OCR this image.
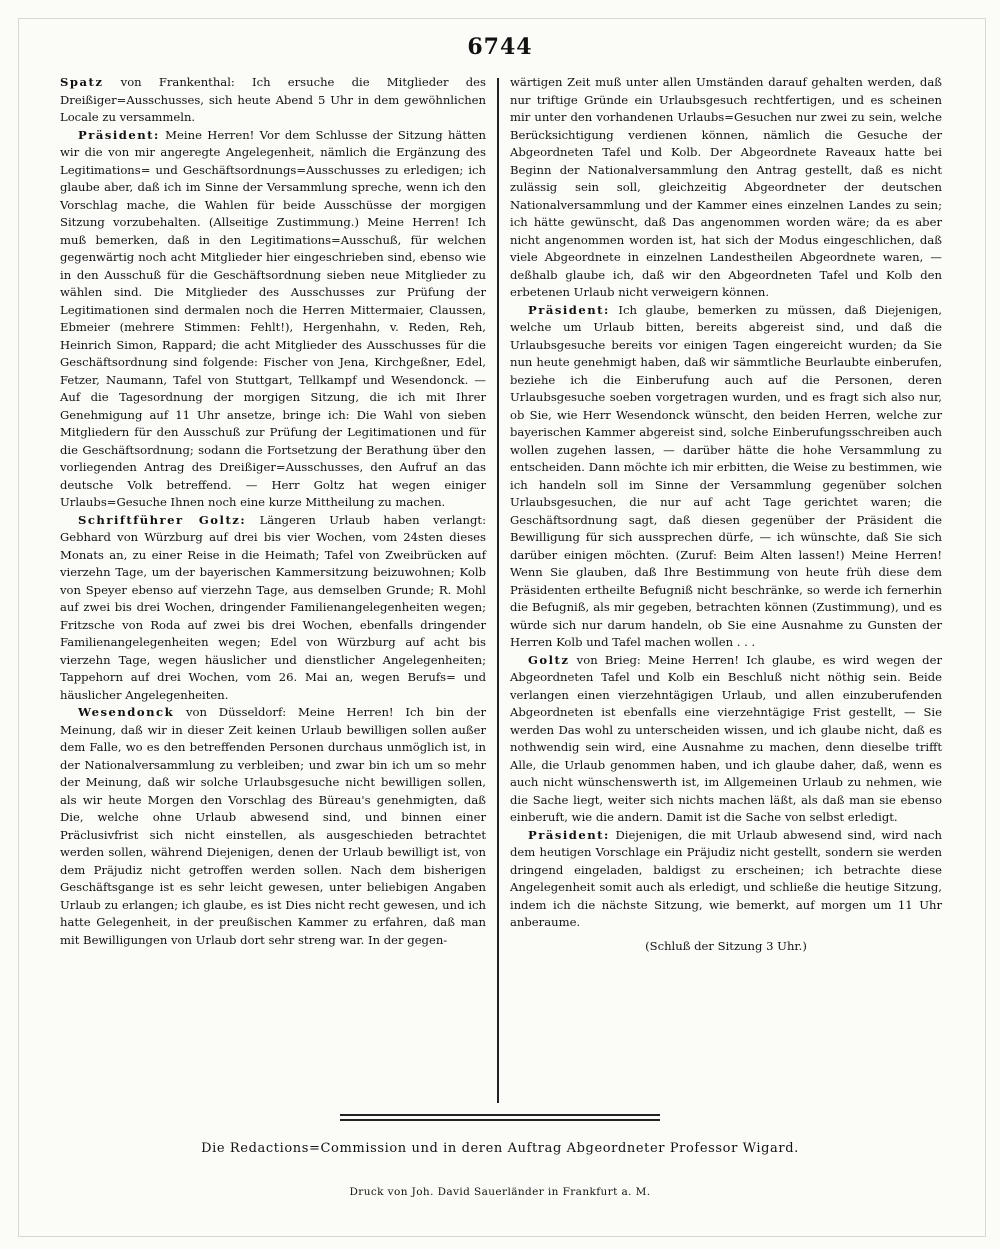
6744

Spatz von Frankenthal: Ich ersuche die Mitglieder des Dreißiger=Ausschusses, sich heute Abend 5 Uhr in dem gewöhnlichen Locale zu versammeln.

Präsident: Meine Herren! Vor dem Schlusse der Sitzung hätten wir die von mir angeregte Angelegenheit, nämlich die Ergänzung des Legitimations= und Geschäftsordnungs=Ausschusses zu erledigen; ich glaube aber, daß ich im Sinne der Versammlung spreche, wenn ich den Vorschlag mache, die Wahlen für beide Ausschüsse der morgigen Sitzung vorzubehalten. (Allseitige Zustimmung.) Meine Herren! Ich muß bemerken, daß in den Legitimations=Ausschuß, für welchen gegenwärtig noch acht Mitglieder hier eingeschrieben sind, ebenso wie in den Ausschuß für die Geschäftsordnung sieben neue Mitglieder zu wählen sind. Die Mitglieder des Ausschusses zur Prüfung der Legitimationen sind dermalen noch die Herren Mittermaier, Claussen, Ebmeier (mehrere Stimmen: Fehlt!), Hergenhahn, v. Reden, Reh, Heinrich Simon, Rappard; die acht Mitglieder des Ausschusses für die Geschäftsordnung sind folgende: Fischer von Jena, Kirchgeßner, Edel, Fetzer, Naumann, Tafel von Stuttgart, Tellkampf und Wesendonck. — Auf die Tagesordnung der morgigen Sitzung, die ich mit Ihrer Genehmigung auf 11 Uhr ansetze, bringe ich: Die Wahl von sieben Mitgliedern für den Ausschuß zur Prüfung der Legitimationen und für die Geschäftsordnung; sodann die Fortsetzung der Berathung über den vorliegenden Antrag des Dreißiger=Ausschusses, den Aufruf an das deutsche Volk betreffend. — Herr Goltz hat wegen einiger Urlaubs=Gesuche Ihnen noch eine kurze Mittheilung zu machen.

Schriftführer Goltz: Längeren Urlaub haben verlangt: Gebhard von Würzburg auf drei bis vier Wochen, vom 24sten dieses Monats an, zu einer Reise in die Heimath; Tafel von Zweibrücken auf vierzehn Tage, um der bayerischen Kammersitzung beizuwohnen; Kolb von Speyer ebenso auf vierzehn Tage, aus demselben Grunde; R. Mohl auf zwei bis drei Wochen, dringender Familienangelegenheiten wegen; Fritzsche von Roda auf zwei bis drei Wochen, ebenfalls dringender Familienangelegenheiten wegen; Edel von Würzburg auf acht bis vierzehn Tage, wegen häuslicher und dienstlicher Angelegenheiten; Tappehorn auf drei Wochen, vom 26. Mai an, wegen Berufs= und häuslicher Angelegenheiten.

Wesendonck von Düsseldorf: Meine Herren! Ich bin der Meinung, daß wir in dieser Zeit keinen Urlaub bewilligen sollen außer dem Falle, wo es den betreffenden Personen durchaus unmöglich ist, in der Nationalversammlung zu verbleiben; und zwar bin ich um so mehr der Meinung, daß wir solche Urlaubsgesuche nicht bewilligen sollen, als wir heute Morgen den Vorschlag des Büreau's genehmigten, daß Die, welche ohne Urlaub abwesend sind, und binnen einer Präclusivfrist sich nicht einstellen, als ausgeschieden betrachtet werden sollen, während Diejenigen, denen der Urlaub bewilligt ist, von dem Präjudiz nicht getroffen werden sollen. Nach dem bisherigen Geschäftsgange ist es sehr leicht gewesen, unter beliebigen Angaben Urlaub zu erlangen; ich glaube, es ist Dies nicht recht gewesen, und ich hatte Gelegenheit, in der preußischen Kammer zu erfahren, daß man mit Bewilligungen von Urlaub dort sehr streng war. In der gegen-

wärtigen Zeit muß unter allen Umständen darauf gehalten werden, daß nur triftige Gründe ein Urlaubsgesuch rechtfertigen, und es scheinen mir unter den vorhandenen Urlaubs=Gesuchen nur zwei zu sein, welche Berücksichtigung verdienen können, nämlich die Gesuche der Abgeordneten Tafel und Kolb. Der Abgeordnete Raveaux hatte bei Beginn der Nationalversammlung den Antrag gestellt, daß es nicht zulässig sein soll, gleichzeitig Abgeordneter der deutschen Nationalversammlung und der Kammer eines einzelnen Landes zu sein; ich hätte gewünscht, daß Das angenommen worden wäre; da es aber nicht angenommen worden ist, hat sich der Modus eingeschlichen, daß viele Abgeordnete in einzelnen Landestheilen Abgeordnete waren, — deßhalb glaube ich, daß wir den Abgeordneten Tafel und Kolb den erbetenen Urlaub nicht verweigern können.

Präsident: Ich glaube, bemerken zu müssen, daß Diejenigen, welche um Urlaub bitten, bereits abgereist sind, und daß die Urlaubsgesuche bereits vor einigen Tagen eingereicht wurden; da Sie nun heute genehmigt haben, daß wir sämmtliche Beurlaubte einberufen, beziehe ich die Einberufung auch auf die Personen, deren Urlaubsgesuche soeben vorgetragen wurden, und es fragt sich also nur, ob Sie, wie Herr Wesendonck wünscht, den beiden Herren, welche zur bayerischen Kammer abgereist sind, solche Einberufungsschreiben auch wollen zugehen lassen, — darüber hätte die hohe Versammlung zu entscheiden. Dann möchte ich mir erbitten, die Weise zu bestimmen, wie ich handeln soll im Sinne der Versammlung gegenüber solchen Urlaubsgesuchen, die nur auf acht Tage gerichtet waren; die Geschäftsordnung sagt, daß diesen gegenüber der Präsident die Bewilligung für sich aussprechen dürfe, — ich wünschte, daß Sie sich darüber einigen möchten. (Zuruf: Beim Alten lassen!) Meine Herren! Wenn Sie glauben, daß Ihre Bestimmung von heute früh diese dem Präsidenten ertheilte Befugniß nicht beschränke, so werde ich fernerhin die Befugniß, als mir gegeben, betrachten können (Zustimmung), und es würde sich nur darum handeln, ob Sie eine Ausnahme zu Gunsten der Herren Kolb und Tafel machen wollen . . .

Goltz von Brieg: Meine Herren! Ich glaube, es wird wegen der Abgeordneten Tafel und Kolb ein Beschluß nicht nöthig sein. Beide verlangen einen vierzehntägigen Urlaub, und allen einzuberufenden Abgeordneten ist ebenfalls eine vierzehntägige Frist gestellt, — Sie werden Das wohl zu unterscheiden wissen, und ich glaube nicht, daß es nothwendig sein wird, eine Ausnahme zu machen, denn dieselbe trifft Alle, die Urlaub genommen haben, und ich glaube daher, daß, wenn es auch nicht wünschenswerth ist, im Allgemeinen Urlaub zu nehmen, wie die Sache liegt, weiter sich nichts machen läßt, als daß man sie ebenso einberuft, wie die andern. Damit ist die Sache von selbst erledigt.

Präsident: Diejenigen, die mit Urlaub abwesend sind, wird nach dem heutigen Vorschlage ein Präjudiz nicht gestellt, sondern sie werden dringend eingeladen, baldigst zu erscheinen; ich betrachte diese Angelegenheit somit auch als erledigt, und schließe die heutige Sitzung, indem ich die nächste Sitzung, wie bemerkt, auf morgen um 11 Uhr anberaume.

(Schluß der Sitzung 3 Uhr.)

Die Redactions=Commission und in deren Auftrag Abgeordneter Professor Wigard.
Druck von Joh. David Sauerländer in Frankfurt a. M.
